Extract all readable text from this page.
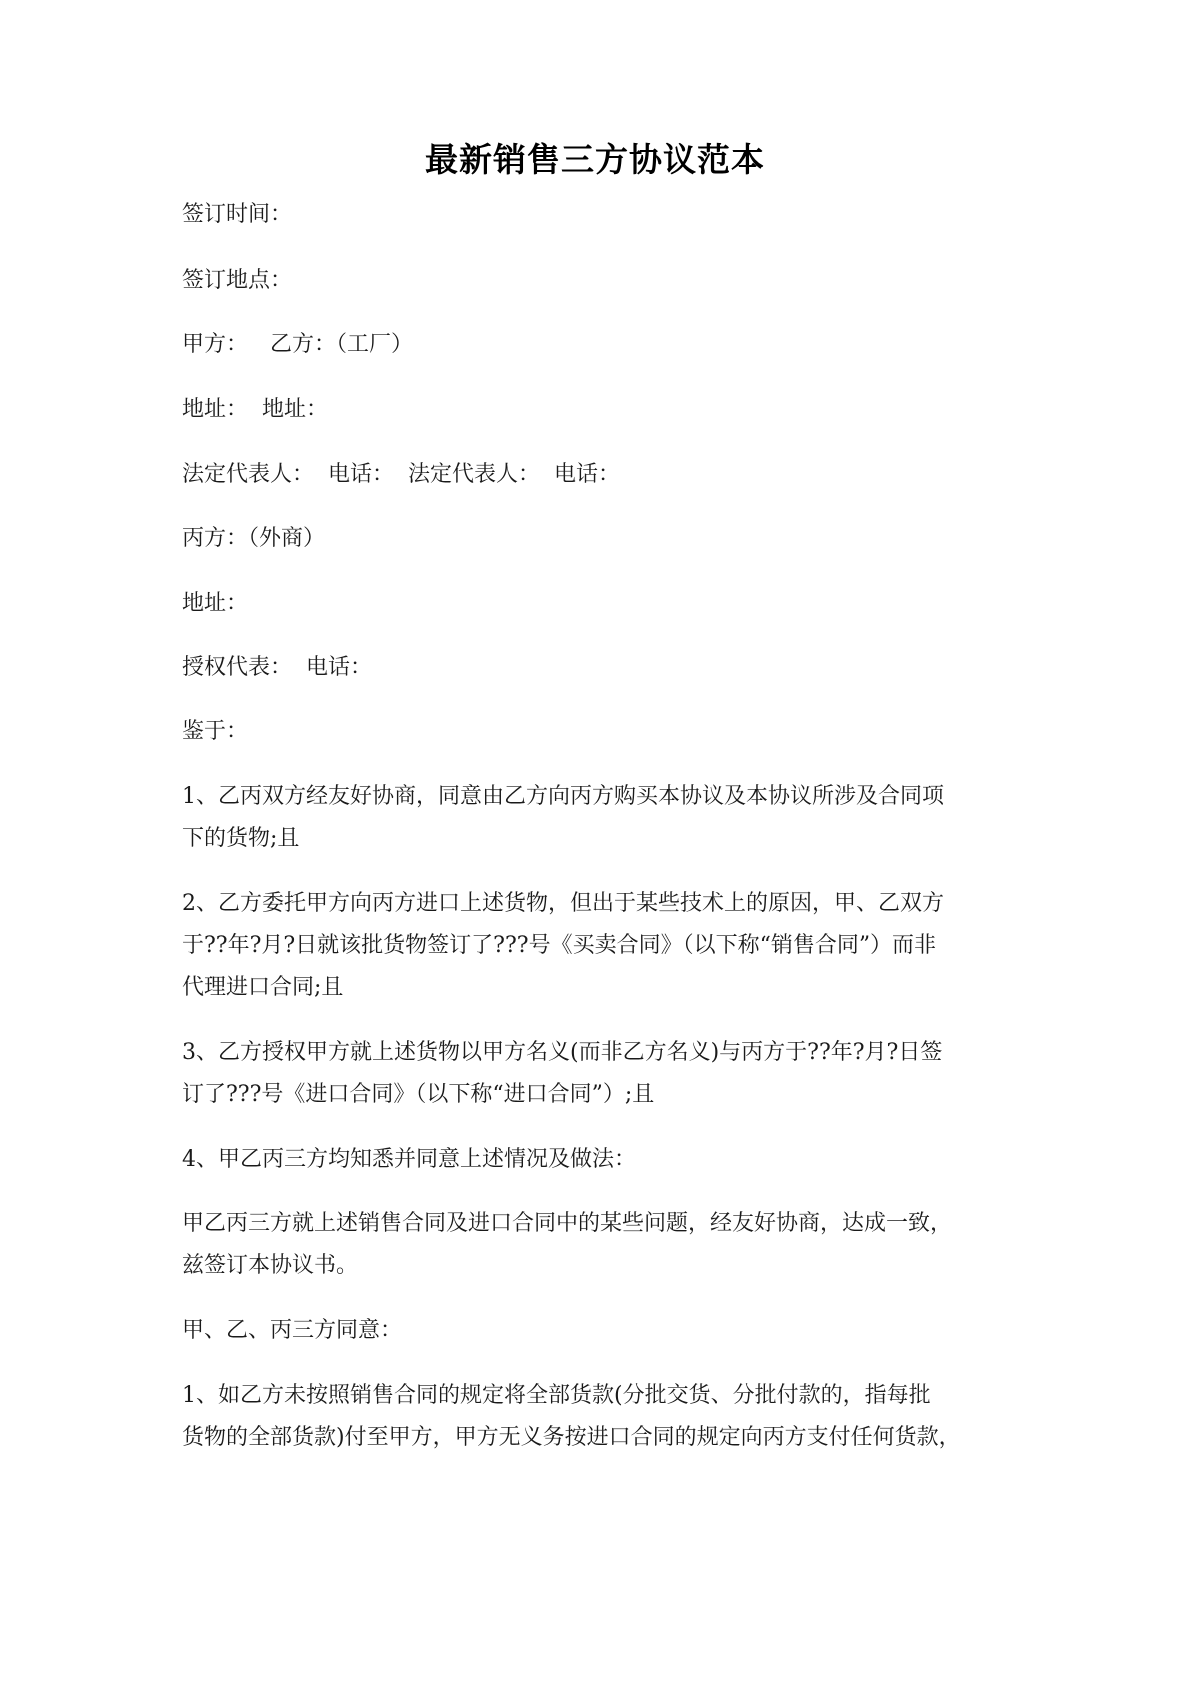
最新销售三方协议范本
签订时间：
签订地点：
甲方： 乙方：（工厂）
地址： 地址：
法定代表人： 电话： 法定代表人： 电话：
丙方：（外商）
地址：
授权代表： 电话：
鉴于：
1、乙丙双方经友好协商，同意由乙方向丙方购买本协议及本协议所涉及合同项
下的货物;且
2、乙方委托甲方向丙方进口上述货物，但出于某些技术上的原因，甲、乙双方
于??年?月?日就该批货物签订了???号《买卖合同》（以下称“销售合同”）而非
代理进口合同;且
3、乙方授权甲方就上述货物以甲方名义(而非乙方名义)与丙方于??年?月?日签
订了???号《进口合同》（以下称“进口合同”）;且
4、甲乙丙三方均知悉并同意上述情况及做法：
甲乙丙三方就上述销售合同及进口合同中的某些问题，经友好协商，达成一致，
兹签订本协议书。
甲、乙、丙三方同意：
1、如乙方未按照销售合同的规定将全部货款(分批交货、分批付款的，指每批
货物的全部货款)付至甲方，甲方无义务按进口合同的规定向丙方支付任何货款，
